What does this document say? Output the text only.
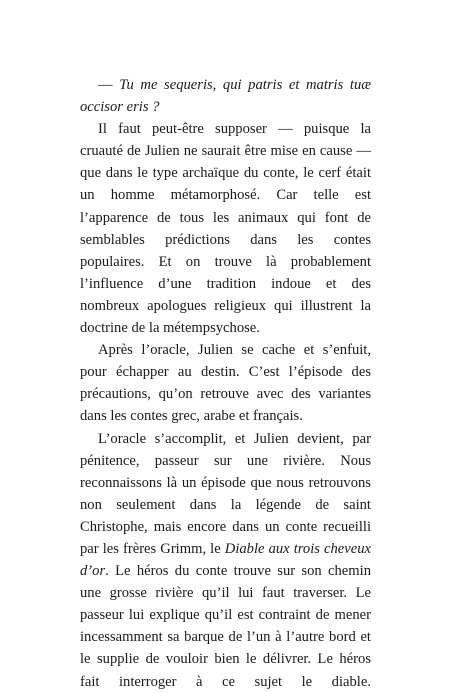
— Tu me sequeris, qui patris et matris tuæ occisor eris ?

Il faut peut-être supposer — puisque la cruauté de Julien ne saurait être mise en cause — que dans le type archaïque du conte, le cerf était un homme métamorphosé. Car telle est l’apparence de tous les animaux qui font de semblables prédictions dans les contes populaires. Et on trouve là probablement l’influence d’une tradition indoue et des nombreux apologues religieux qui illustrent la doctrine de la métempsychose.

Après l’oracle, Julien se cache et s’enfuit, pour échapper au destin. C’est l’épisode des précautions, qu’on retrouve avec des variantes dans les contes grec, arabe et français.

L’oracle s’accomplit, et Julien devient, par pénitence, passeur sur une rivière. Nous reconnaissons là un épisode que nous retrouvons non seulement dans la légende de saint Christophe, mais encore dans un conte recueilli par les frères Grimm, le Diable aux trois cheveux d’or. Le héros du conte trouve sur son chemin une grosse rivière qu’il lui faut traverser. Le passeur lui explique qu’il est contraint de mener incessamment sa barque de l’un à l’autre bord et le supplie de vouloir bien le délivrer. Le héros fait interroger à ce sujet le diable.
